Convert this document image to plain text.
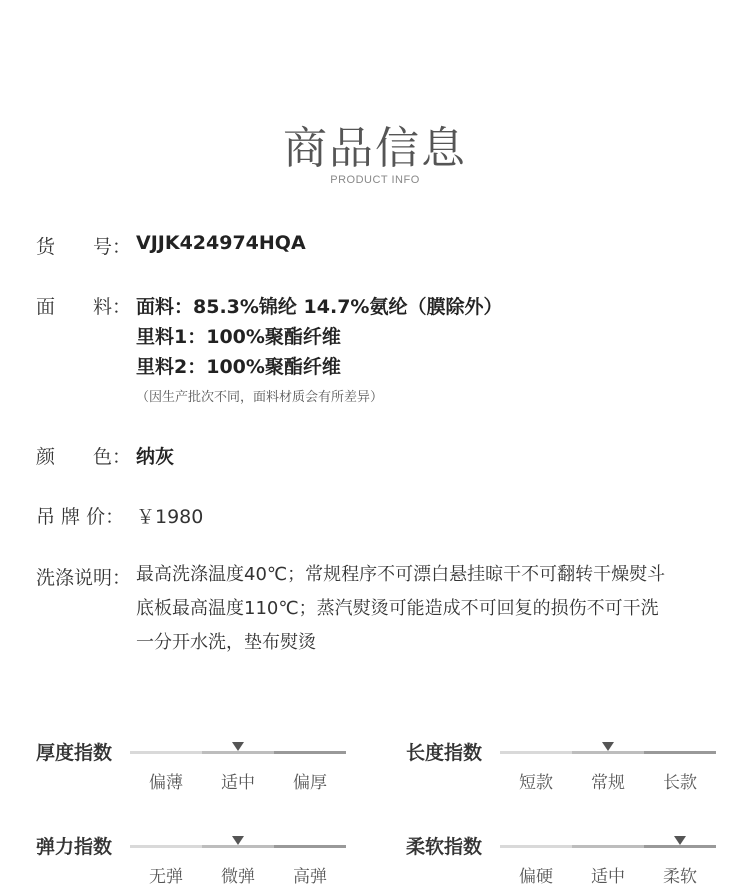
商品信息
PRODUCT INFO
货　　号： VJJK424974HQA
面　　料： 面料：85.3%锦纶 14.7%氨纶（膜除外）
里料1：100%聚酯纤维
里料2：100%聚酯纤维
（因生产批次不同，面料材质会有所差异）
颜　　色： 纳灰
吊 牌 价： ￥1980
洗涤说明： 最高洗涤温度40℃；常规程序不可漂白悬挂晾干不可翻转干燥熨斗
底板最高温度110℃；蒸汽熨烫可能造成不可回复的损伤不可干洗
一分开水洗，垫布熨烫
厚度指数
偏薄	适中	偏厚
长度指数
短款	常规	长款
弹力指数
无弹	微弹	高弹
柔软指数
偏硬	适中	柔软
